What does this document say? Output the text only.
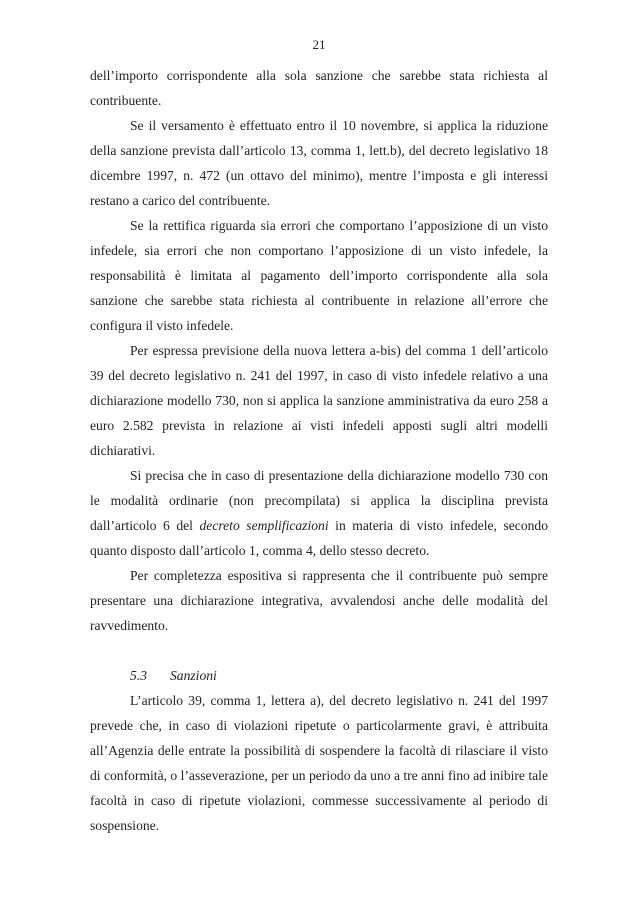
21

dell’importo corrispondente alla sola sanzione che sarebbe stata richiesta al contribuente.

Se il versamento è effettuato entro il 10 novembre, si applica la riduzione della sanzione prevista dall’articolo 13, comma 1, lett.b), del decreto legislativo 18 dicembre 1997, n. 472 (un ottavo del minimo), mentre l’imposta e gli interessi restano a carico del contribuente.

Se la rettifica riguarda sia errori che comportano l’apposizione di un visto infedele, sia errori che non comportano l’apposizione di un visto infedele, la responsabilità è limitata al pagamento dell’importo corrispondente alla sola sanzione che sarebbe stata richiesta al contribuente in relazione all’errore che configura il visto infedele.

Per espressa previsione della nuova lettera a-bis) del comma 1 dell’articolo 39 del decreto legislativo n. 241 del 1997, in caso di visto infedele relativo a una dichiarazione modello 730, non si applica la sanzione amministrativa da euro 258 a euro 2.582 prevista in relazione ai visti infedeli apposti sugli altri modelli dichiarativi.

Si precisa che in caso di presentazione della dichiarazione modello 730 con le modalità ordinarie (non precompilata) si applica la disciplina prevista dall’articolo 6 del decreto semplificazioni in materia di visto infedele, secondo quanto disposto dall’articolo 1, comma 4, dello stesso decreto.

Per completezza espositiva si rappresenta che il contribuente può sempre presentare una dichiarazione integrativa, avvalendosi anche delle modalità del ravvedimento.

5.3 Sanzioni

L’articolo 39, comma 1, lettera a), del decreto legislativo n. 241 del 1997 prevede che, in caso di violazioni ripetute o particolarmente gravi, è attribuita all’Agenzia delle entrate la possibilità di sospendere la facoltà di rilasciare il visto di conformità, o l’asseverazione, per un periodo da uno a tre anni fino ad inibire tale facoltà in caso di ripetute violazioni, commesse successivamente al periodo di sospensione.
